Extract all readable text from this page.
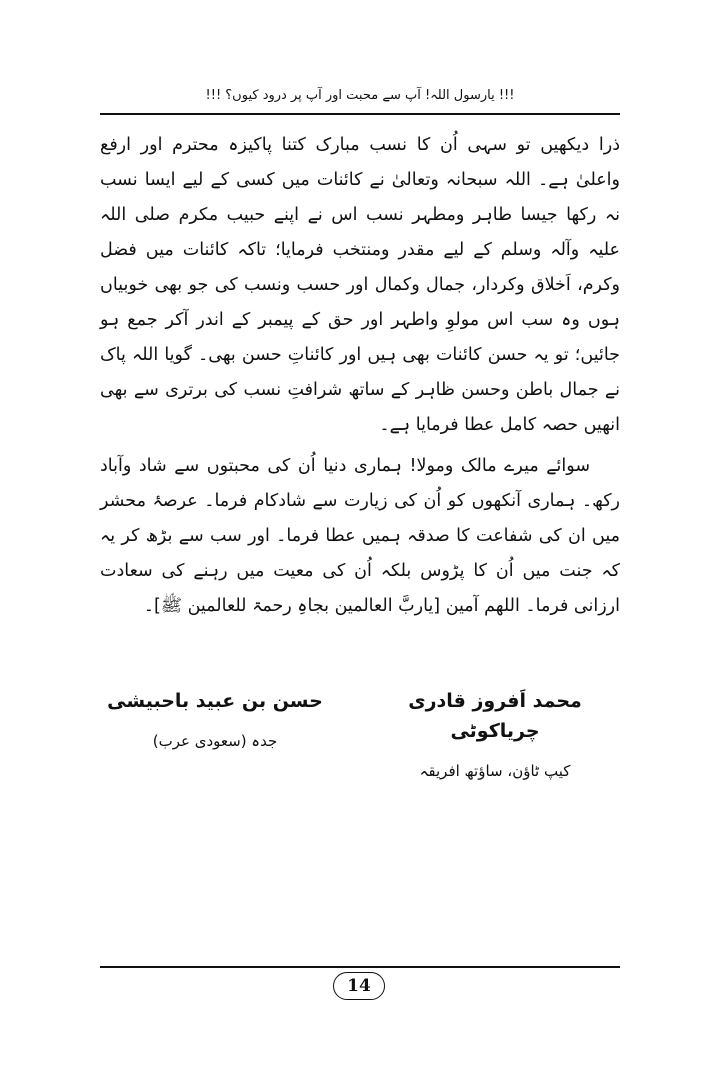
!!! یارسول اللہ! آپ سے محبت اور آپ پر درود کیوں؟ !!!

ذرا دیکھیں تو سہی اُن کا نسب مبارک کتنا پاکیزہ محترم اور ارفع واعلیٰ ہے۔ اللہ سبحانہ وتعالیٰ نے کائنات میں کسی کے لیے ایسا نسب نہ رکھا جیسا طاہر ومطہر نسب اس نے اپنے حبیب مکرم صلی اللہ علیہ وآلہ وسلم کے لیے مقدر ومنتخب فرمایا؛ تاکہ کائنات میں فضل وکرم، اَخلاق وکردار، جمال وکمال اور حسب ونسب کی جو بھی خوبیاں ہوں وہ سب اس مولوِ واطہر اور حق کے پیمبر کے اندر آکر جمع ہو جائیں؛ تو یہ حسن کائنات بھی ہیں اور کائناتِ حسن بھی۔ گویا اللہ پاک نے جمال باطن وحسن ظاہر کے ساتھ شرافتِ نسب کی برتری سے بھی انھیں حصہ کامل عطا فرمایا ہے۔

سوائے میرے مالک ومولا! ہماری دنیا اُن کی محبتوں سے شاد وآباد رکھ۔ ہماری آنکھوں کو اُن کی زیارت سے شادکام فرما۔ عرصۂ محشر میں ان کی شفاعت کا صدقہ ہمیں عطا فرما۔ اور سب سے بڑھ کر یہ کہ جنت میں اُن کا پڑوس بلکہ اُن کی معیت میں رہنے کی سعادت ارزانی فرما۔ اللھم آمین [یاربَّ العالمین بجاہِ رحمۃ للعالمین ﷺ]۔

محمد اَفروز قادری چریاکوٹی
کیپ ٹاؤن، ساؤتھ افریقہ
حسن بن عبید باحبیشی
جدہ (سعودی عرب)
14
